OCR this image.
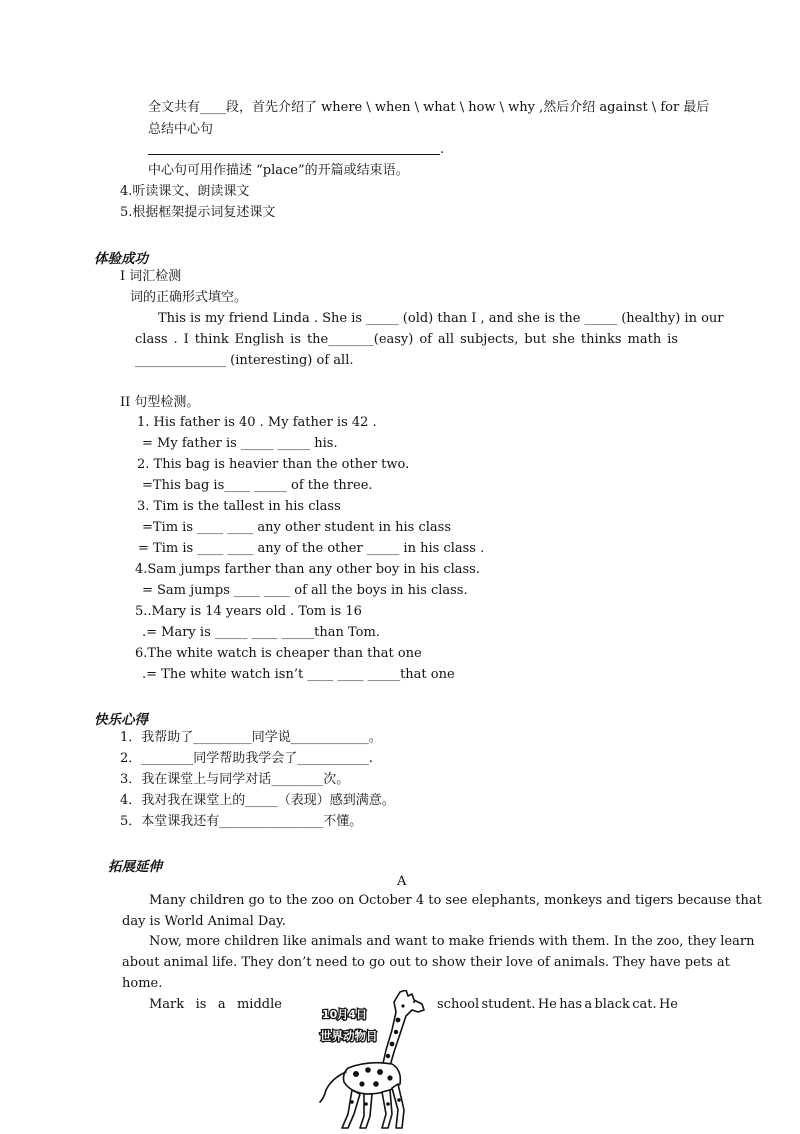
全文共有____段，首先介绍了 where \ when \ what \ how \ why ,然后介绍 against \ for 最后
总结中心句
.
中心句可用作描述 “place”的开篇或结束语。
4.听读课文、朗读课文
5.根据框架提示词复述课文
体验成功
I 词汇检测
词的正确形式填空。
This is my friend Linda . She is _____ (old) than I , and she is the _____ (healthy) in our
class . I think English is the_______(easy) of all subjects, but she thinks math is
______________ (interesting) of all.
II 句型检测。
1. His father is 40 . My father is 42 .
= My father is _____ _____ his.
2. This bag is heavier than the other two.
=This bag is____ _____ of the three.
3. Tim is the tallest in his class
=Tim is ____ ____ any other student in his class
= Tim is ____ ____ any of the other _____ in his class .
4.Sam jumps farther than any other boy in his class.
= Sam jumps ____ ____ of all the boys in his class.
5..Mary is 14 years old . Tom is 16
.= Mary is _____ ____ _____than Tom.
6.The white watch is cheaper than that one
.= The white watch isn’t ____ ____ _____that one
快乐心得
1．我帮助了_________同学说____________。
2．________同学帮助我学会了___________.
3．我在课堂上与同学对话________次。
4．我对我在课堂上的_____（表现）感到满意。
5．本堂课我还有________________不懂。
拓展延伸
A
Many children go to the zoo on October 4 to see elephants, monkeys and tigers because that
day is World Animal Day.
Now, more children like animals and want to make friends with them. In the zoo, they learn
about animal life. They don’t need to go out to show their love of animals. They have pets at
home.
Mark is a middle	school student. He has a black cat. He
10月4日
世界动物日
